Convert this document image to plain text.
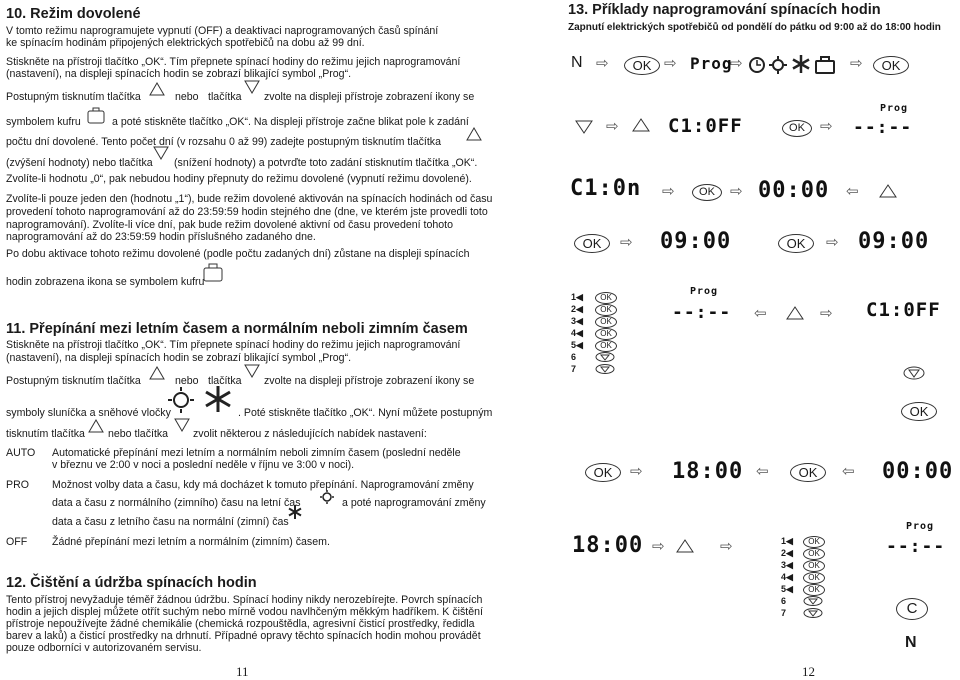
10. Režim dovolené
V tomto režimu naprogramujete vypnutí (OFF) a deaktivaci naprogramovaných časů spínání
ke spínacím hodinám připojených elektrických spotřebičů na dobu až 99 dní.
Stiskněte na přístroji tlačítko „OK“. Tím přepnete spínací hodiny do režimu jejich naprogramování
(nastavení), na displeji spínacích hodin se zobrazí blikající symbol „Prog“.
Postupným tisknutím tlačítka	nebo tlačítka zvolte na displeji přístroje zobrazení ikony se
symbolem kufru	a poté stiskněte tlačítko „OK“. Na displeji přístroje začne blikat pole k zadání
počtu dní dovolené. Tento počet dní (v rozsahu 0 až 99) zadejte postupným tisknutím tlačítka
(zvýšení hodnoty) nebo tlačítka (snížení hodnoty) a potvrďte toto zadání stisknutím tlačítka „OK“.
Zvolíte-li hodnotu „0“, pak nebudou hodiny přepnuty do režimu dovolené (vypnutí režimu dovolené).
Zvolíte-li pouze jeden den (hodnotu „1“), bude režim dovolené aktivován na spínacích hodinách od času
provedení tohoto naprogramování až do 23:59:59 hodin stejného dne (dne, ve kterém jste provedli toto
naprogramování). Zvolíte-li více dní, pak bude režim dovolené aktivní od času provedení tohoto
naprogramování až do 23:59:59 hodin příslušného zadaného dne.
Po dobu aktivace tohoto režimu dovolené (podle počtu zadaných dní) zůstane na displeji spínacích
hodin zobrazena ikona se symbolem kufru
11. Přepínání mezi letním časem a normálním neboli zimním časem
Stiskněte na přístroji tlačítko „OK“. Tím přepnete spínací hodiny do režimu jejich naprogramování
(nastavení), na displeji spínacích hodin se zobrazí blikající symbol „Prog“.
Postupným tisknutím tlačítka	nebo tlačítka zvolte na displeji přístroje zobrazení ikony se
symboly sluníčka a sněhové vločky	. Poté stiskněte tlačítko „OK“. Nyní můžete postupným
tisknutím tlačítka nebo tlačítka zvolit některou z následujících nabídek nastavení:
AUTO Automatické přepínání mezi letním a normálním neboli zimním časem (poslední neděle
v březnu ve 2:00 v noci a poslední neděle v říjnu ve 3:00 v noci).
PRO Možnost volby data a času, kdy má docházet k tomuto přepínání. Naprogramování změny
data a času z normálního (zimního) času na letní čas	a poté naprogramování změny
data a času z letního času na normální (zimní) čas
OFF Žádné přepínání mezi letním a normálním (zimním) časem.
12. Čištění a údržba spínacích hodin
Tento přístroj nevyžaduje téměř žádnou údržbu. Spínací hodiny nikdy nerozebírejte. Povrch spínacích
hodin a jejich displej můžete otřít suchým nebo mírně vodou navlhčeným měkkým hadříkem. K čištění
přístroje nepoužívejte žádné chemikálie (chemická rozpouštědla, agresivní čisticí prostředky, ředidla
barev a laků) a čisticí prostředky na drhnutí. Případné opravy těchto spínacích hodin mohou provádět
pouze odborníci v autorizovaném servisu.
11
13. Příklady naprogramování spínacích hodin
Zapnutí elektrických spotřebičů od pondělí do pátku od 9:00 až do 18:00 hodin
N ⇨	OK ⇨ Prog
⇨	⇨	OK
Prog
⇨	C1:0FF	OK	⇨ --:--
C1:0n ⇨	OK	⇨ 00:00 ⇦
OK	⇨ 09:00	OK	⇨ 09:00
1◀	OK
2◀	OK
3◀	OK
4◀	OK
5◀	OK
6
7
Prog
--:-- ⇦	⇨ C1:0FF
OK
OK	⇨ 18:00 ⇦	OK	⇦ 00:00
18:00 ⇨	⇨	1◀	OK
2◀	OK
3◀	OK
4◀	OK
5◀	OK
6
7
Prog
--:--
C
N
12
